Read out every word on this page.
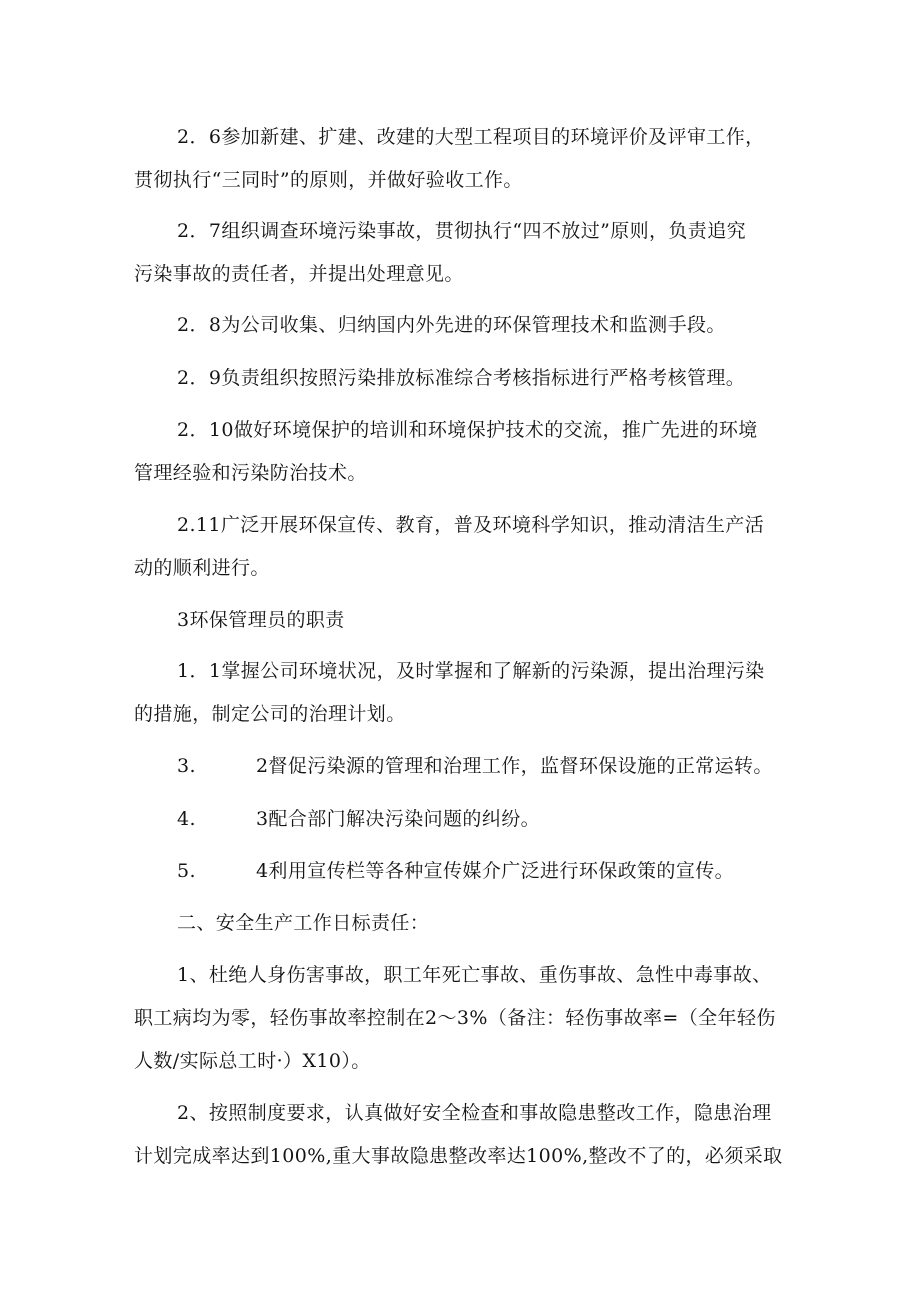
2．6参加新建、扩建、改建的大型工程项目的环境评价及评审工作，
贯彻执行“三同时”的原则，并做好验收工作。
2．7组织调查环境污染事故，贯彻执行“四不放过”原则，负责追究
污染事故的责任者，并提出处理意见。
2．8为公司收集、归纳国内外先进的环保管理技术和监测手段。
2．9负责组织按照污染排放标准综合考核指标进行严格考核管理。
2．10做好环境保护的培训和环境保护技术的交流，推广先进的环境
管理经验和污染防治技术。
2.11广泛开展环保宣传、教育，普及环境科学知识，推动清洁生产活
动的顺利进行。
3环保管理员的职责
1．1掌握公司环境状况，及时掌握和了解新的污染源，提出治理污染
的措施，制定公司的治理计划。
3.	2督促污染源的管理和治理工作，监督环保设施的正常运转。
4.	3配合部门解决污染问题的纠纷。
5.	4利用宣传栏等各种宣传媒介广泛进行环保政策的宣传。
二、安全生产工作日标责任：
1、杜绝人身伤害事故，职工年死亡事故、重伤事故、急性中毒事故、
职工病均为零，轻伤事故率控制在2～3%（备注：轻伤事故率=（全年轻伤
人数/实际总工时·）X10）。
2、按照制度要求，认真做好安全检查和事故隐患整改工作，隐患治理
计划完成率达到100%,重大事故隐患整改率达100%,整改不了的，必须采取
